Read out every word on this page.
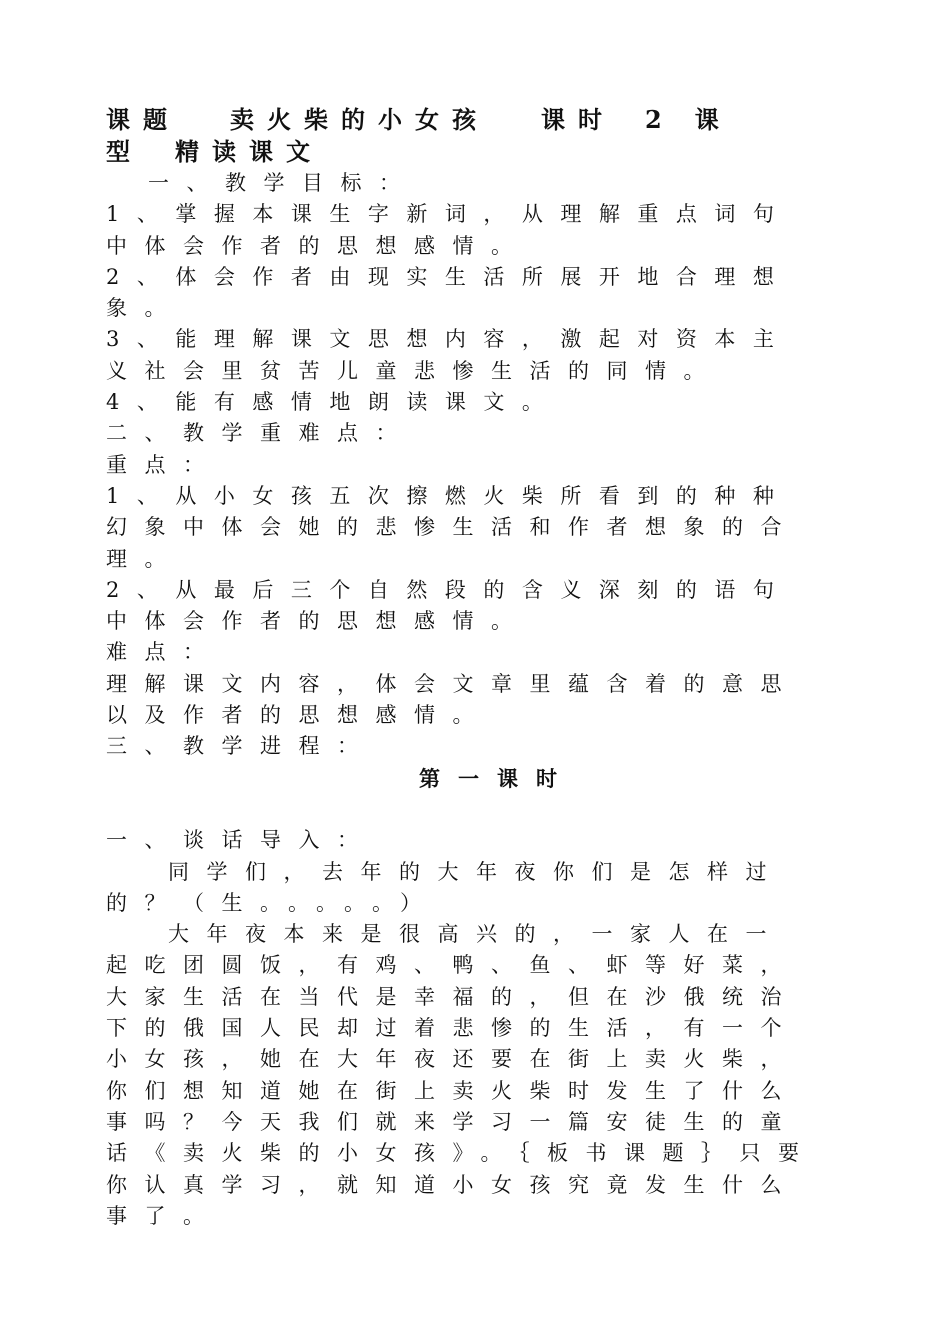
课题 卖火柴的小女孩 课时 2 课
型 精读课文
一、教学目标：
1、掌握本课生字新词，从理解重点词句
中体会作者的思想感情。
2、体会作者由现实生活所展开地合理想
象。
3、能理解课文思想内容，激起对资本主
义社会里贫苦儿童悲惨生活的同情。
4、能有感情地朗读课文。
二、教学重难点：
重点：
1、从小女孩五次擦燃火柴所看到的种种
幻象中体会她的悲惨生活和作者想象的合
理。
2、从最后三个自然段的含义深刻的语句
中体会作者的思想感情。
难点：
理解课文内容，体会文章里蕴含着的意思
以及作者的思想感情。
三、教学进程：
第一课时
一、谈话导入：
同学们，去年的大年夜你们是怎样过
的？（生。。。。。）
大年夜本来是很高兴的，一家人在一
起吃团圆饭，有鸡、鸭、鱼、虾等好菜，
大家生活在当代是幸福的，但在沙俄统治
下的俄国人民却过着悲惨的生活，有一个
小女孩，她在大年夜还要在街上卖火柴，
你们想知道她在街上卖火柴时发生了什么
事吗？今天我们就来学习一篇安徒生的童
话《卖火柴的小女孩》。｛板书课题｝只要
你认真学习，就知道小女孩究竟发生什么
事了。
